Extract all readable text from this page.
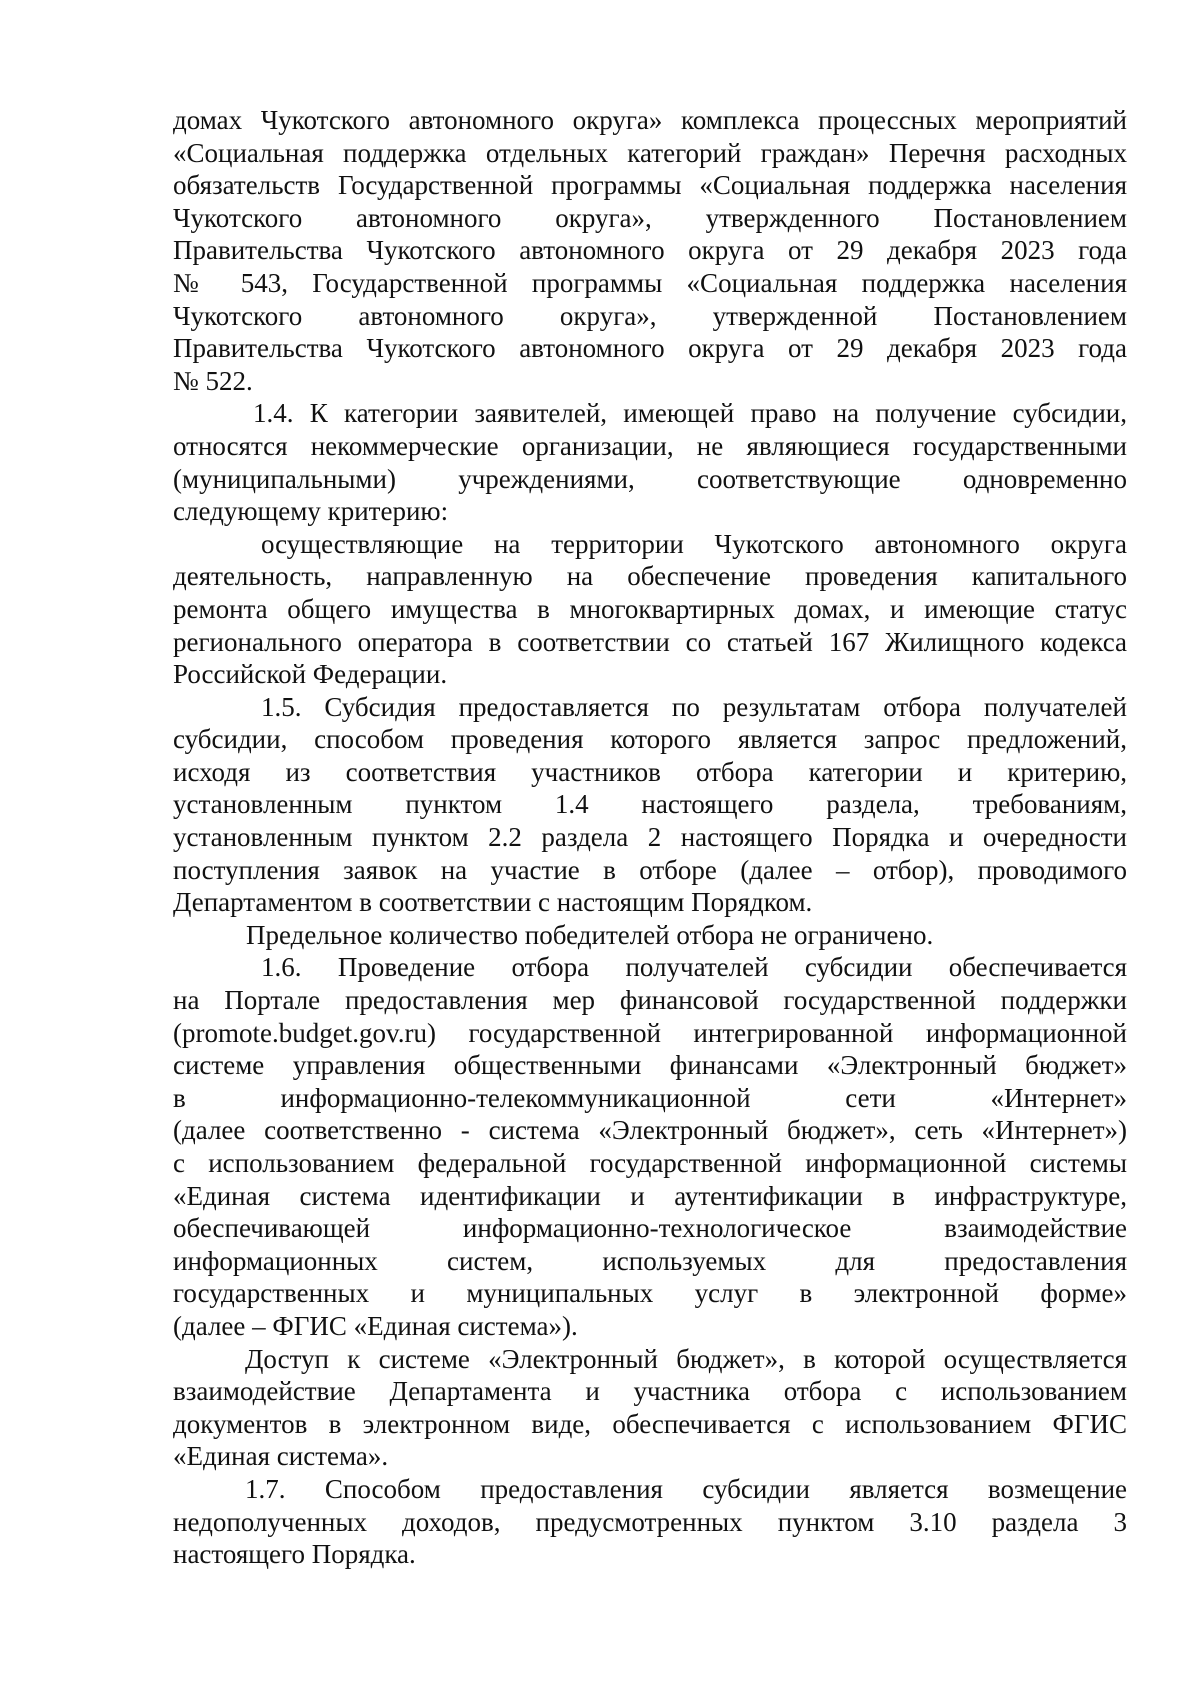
домах Чукотского автономного округа» комплекса процессных мероприятий
«Социальная поддержка отдельных категорий граждан» Перечня расходных
обязательств Государственной программы «Социальная поддержка населения
Чукотского автономного округа», утвержденного Постановлением
Правительства Чукотского автономного округа от 29 декабря 2023 года
№ 543, Государственной программы «Социальная поддержка населения
Чукотского автономного округа», утвержденной Постановлением
Правительства Чукотского автономного округа от 29 декабря 2023 года
№ 522.
1.4. К категории заявителей, имеющей право на получение субсидии,
относятся некоммерческие организации, не являющиеся государственными
(муниципальными) учреждениями, соответствующие одновременно
следующему критерию:
осуществляющие на территории Чукотского автономного округа
деятельность, направленную на обеспечение проведения капитального
ремонта общего имущества в многоквартирных домах, и имеющие статус
регионального оператора в соответствии со статьей 167 Жилищного кодекса
Российской Федерации.
1.5. Субсидия предоставляется по результатам отбора получателей
субсидии, способом проведения которого является запрос предложений,
исходя из соответствия участников отбора категории и критерию,
установленным пунктом 1.4 настоящего раздела, требованиям,
установленным пунктом 2.2 раздела 2 настоящего Порядка и очередности
поступления заявок на участие в отборе (далее – отбор), проводимого
Департаментом в соответствии с настоящим Порядком.
Предельное количество победителей отбора не ограничено.
1.6. Проведение отбора получателей субсидии обеспечивается
на Портале предоставления мер финансовой государственной поддержки
(promote.budget.gov.ru) государственной интегрированной информационной
системе управления общественными финансами «Электронный бюджет»
в информационно-телекоммуникационной сети «Интернет»
(далее соответственно - система «Электронный бюджет», сеть «Интернет»)
с использованием федеральной государственной информационной системы
«Единая система идентификации и аутентификации в инфраструктуре,
обеспечивающей информационно-технологическое взаимодействие
информационных систем, используемых для предоставления
государственных и муниципальных услуг в электронной форме»
(далее – ФГИС «Единая система»).
Доступ к системе «Электронный бюджет», в которой осуществляется
взаимодействие Департамента и участника отбора с использованием
документов в электронном виде, обеспечивается с использованием ФГИС
«Единая система».
1.7. Способом предоставления субсидии является возмещение
недополученных доходов, предусмотренных пунктом 3.10 раздела 3
настоящего Порядка.
